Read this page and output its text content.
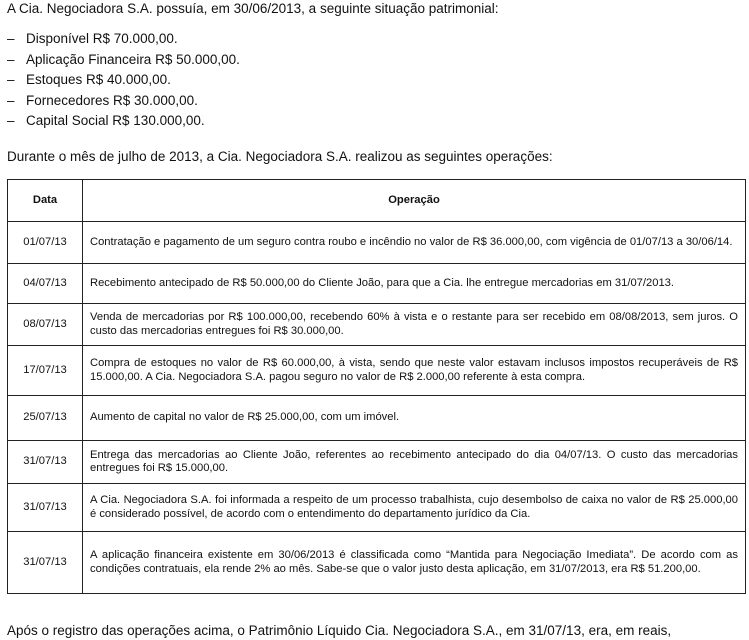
A Cia. Negociadora S.A. possuía, em 30/06/2013, a seguinte situação patrimonial:
– Disponível R$ 70.000,00.
– Aplicação Financeira R$ 50.000,00.
– Estoques R$ 40.000,00.
– Fornecedores R$ 30.000,00.
– Capital Social R$ 130.000,00.
Durante o mês de julho de 2013, a Cia. Negociadora S.A. realizou as seguintes operações:
Data	Operação
01/07/13	Contratação e pagamento de um seguro contra roubo e incêndio no valor de R$ 36.000,00, com vigência de 01/07/13 a 30/06/14.
04/07/13	Recebimento antecipado de R$ 50.000,00 do Cliente João, para que a Cia. lhe entregue mercadorias em 31/07/2013.
08/07/13	Venda de mercadorias por R$ 100.000,00, recebendo 60% à vista e o restante para ser recebido em 08/08/2013, sem juros. O custo das mercadorias entregues foi R$ 30.000,00.
17/07/13	Compra de estoques no valor de R$ 60.000,00, à vista, sendo que neste valor estavam inclusos impostos recuperáveis de R$ 15.000,00. A Cia. Negociadora S.A. pagou seguro no valor de R$ 2.000,00 referente à esta compra.
25/07/13	Aumento de capital no valor de R$ 25.000,00, com um imóvel.
31/07/13	Entrega das mercadorias ao Cliente João, referentes ao recebimento antecipado do dia 04/07/13. O custo das mercadorias entregues foi R$ 15.000,00.
31/07/13	A Cia. Negociadora S.A. foi informada a respeito de um processo trabalhista, cujo desembolso de caixa no valor de R$ 25.000,00 é considerado possível, de acordo com o entendimento do departamento jurídico da Cia.
31/07/13	A aplicação financeira existente em 30/06/2013 é classificada como “Mantida para Negociação Imediata”. De acordo com as condições contratuais, ela rende 2% ao mês. Sabe-se que o valor justo desta aplicação, em 31/07/2013, era R$ 51.200,00.
Após o registro das operações acima, o Patrimônio Líquido Cia. Negociadora S.A., em 31/07/13, era, em reais,
